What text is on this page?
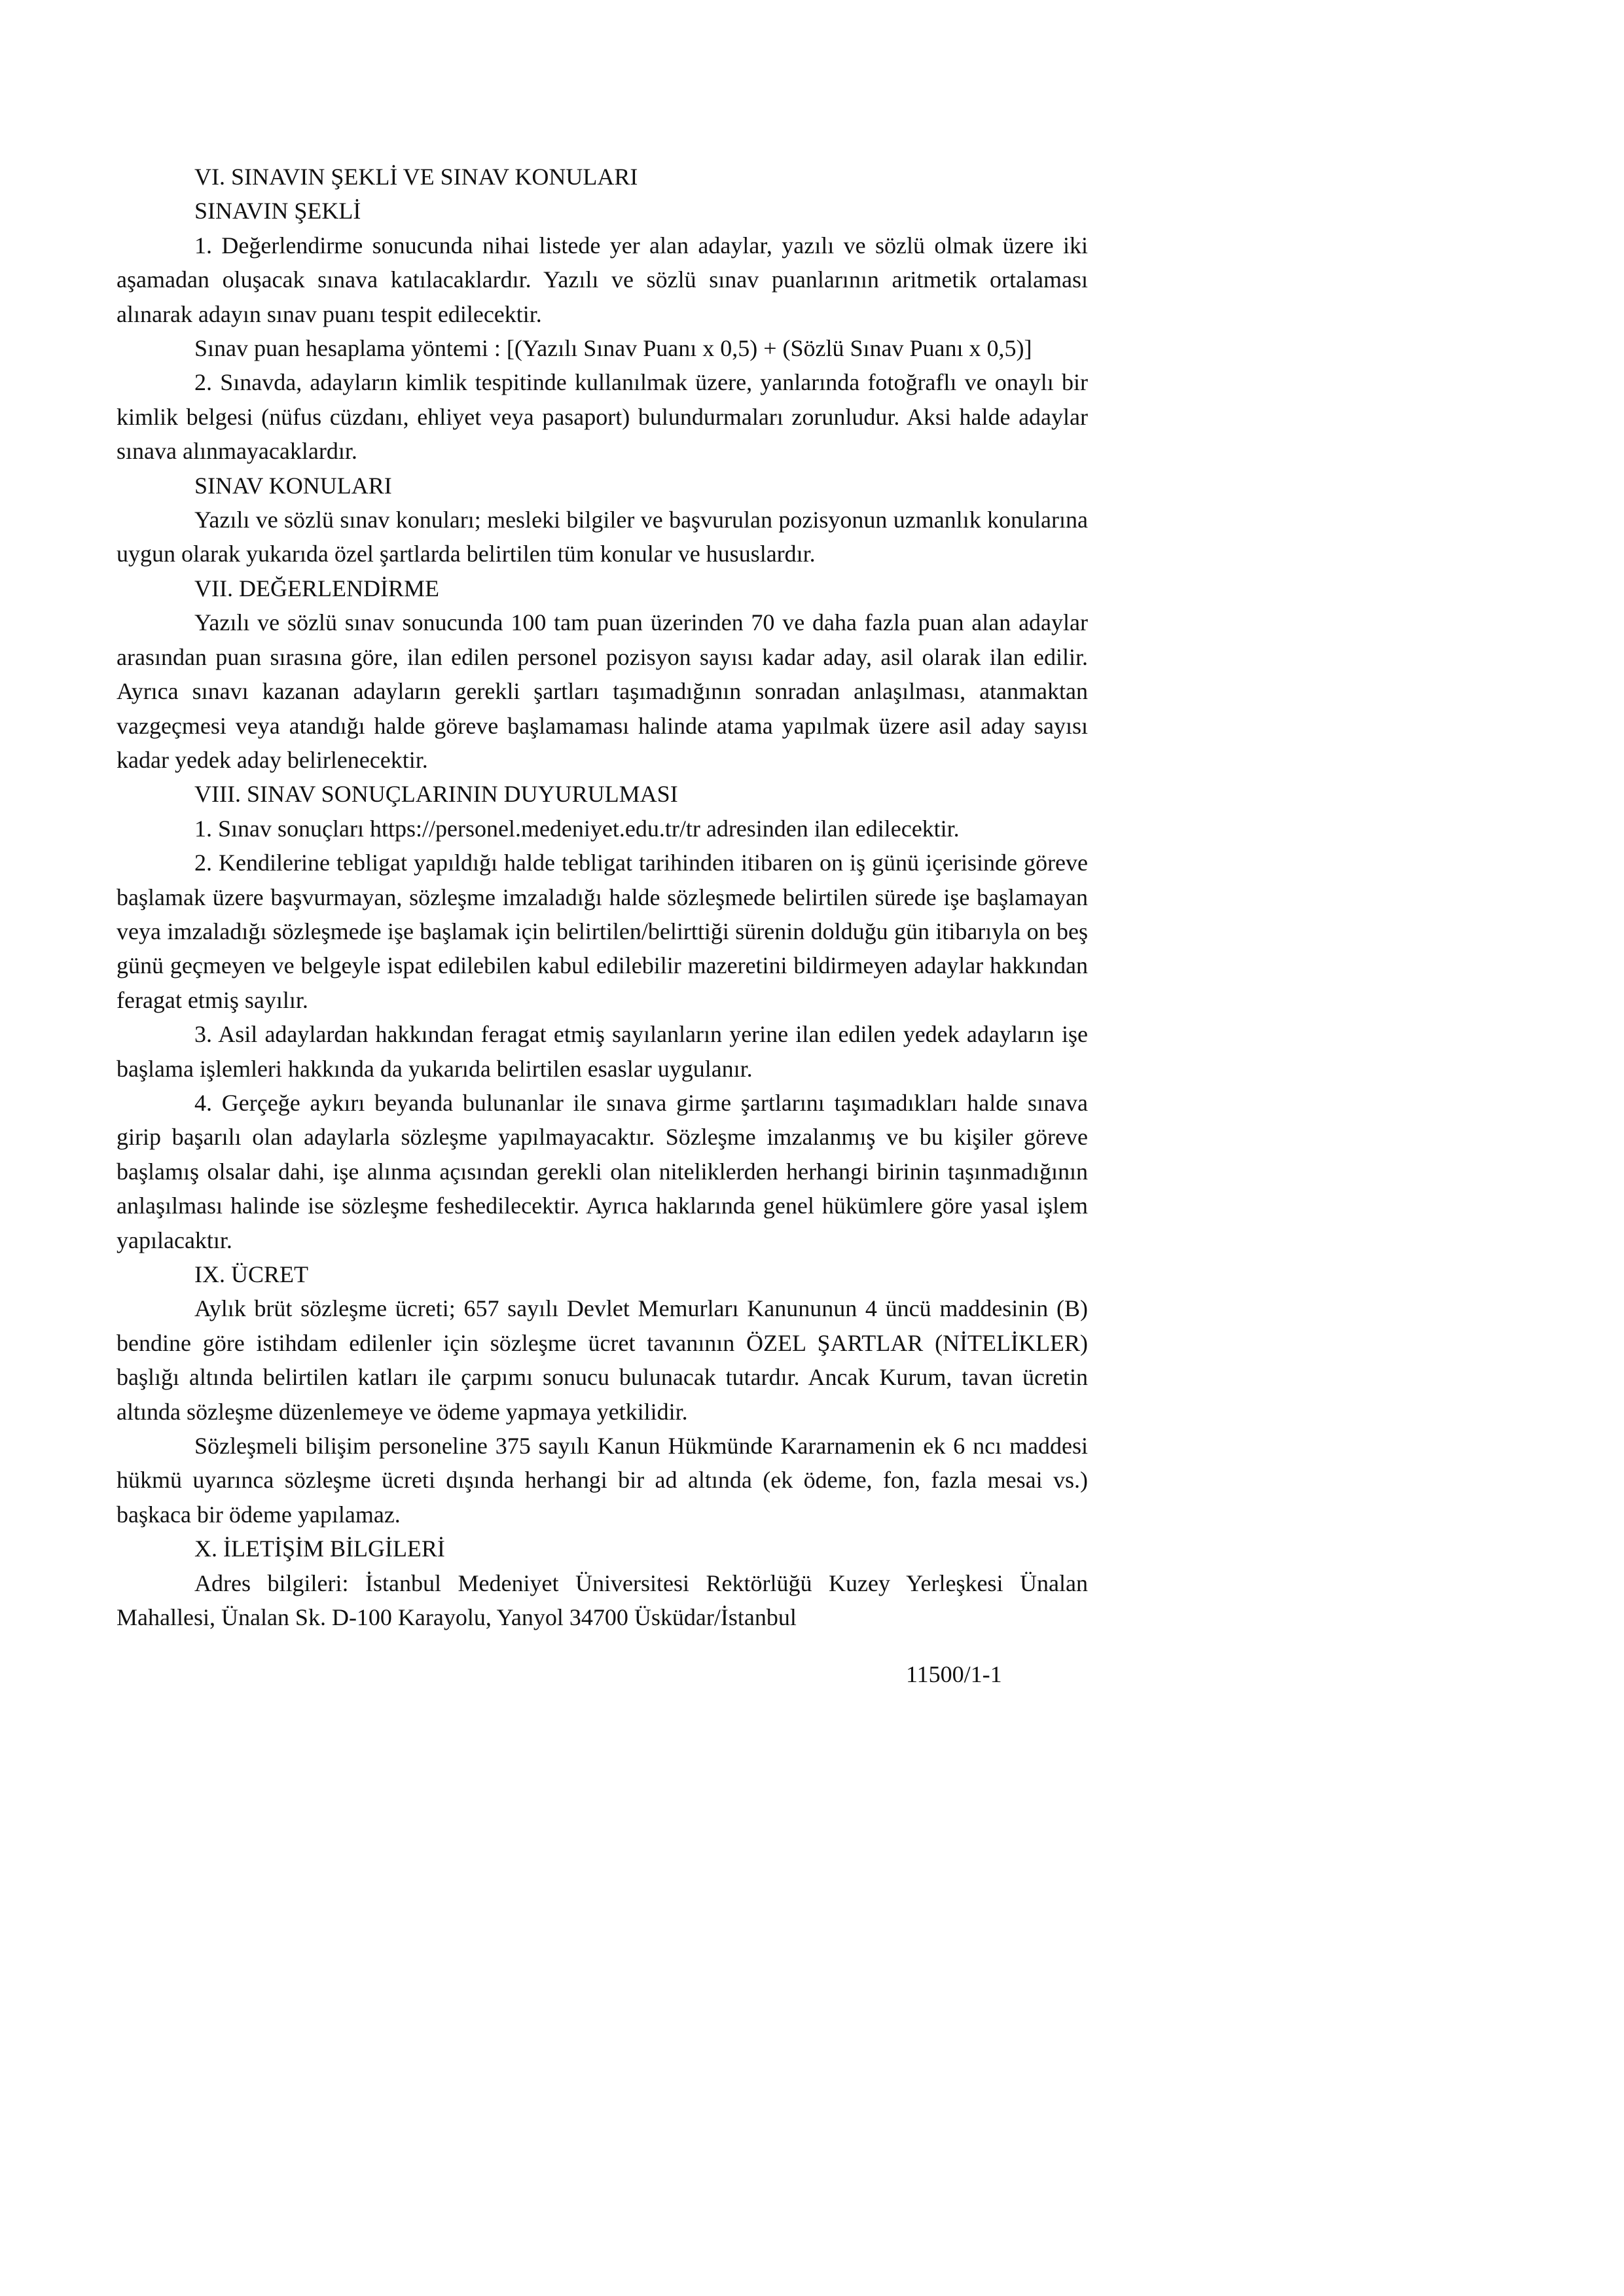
VI. SINAVIN ŞEKLİ VE SINAV KONULARI
SINAVIN ŞEKLİ

1. Değerlendirme sonucunda nihai listede yer alan adaylar, yazılı ve sözlü olmak üzere iki aşamadan oluşacak sınava katılacaklardır. Yazılı ve sözlü sınav puanlarının aritmetik ortalaması alınarak adayın sınav puanı tespit edilecektir.

Sınav puan hesaplama yöntemi : [(Yazılı Sınav Puanı x 0,5) + (Sözlü Sınav Puanı x 0,5)]

2. Sınavda, adayların kimlik tespitinde kullanılmak üzere, yanlarında fotoğraflı ve onaylı bir kimlik belgesi (nüfus cüzdanı, ehliyet veya pasaport) bulundurmaları zorunludur. Aksi halde adaylar sınava alınmayacaklardır.

SINAV KONULARI

Yazılı ve sözlü sınav konuları; mesleki bilgiler ve başvurulan pozisyonun uzmanlık konularına uygun olarak yukarıda özel şartlarda belirtilen tüm konular ve hususlardır.

VII. DEĞERLENDİRME

Yazılı ve sözlü sınav sonucunda 100 tam puan üzerinden 70 ve daha fazla puan alan adaylar arasından puan sırasına göre, ilan edilen personel pozisyon sayısı kadar aday, asil olarak ilan edilir. Ayrıca sınavı kazanan adayların gerekli şartları taşımadığının sonradan anlaşılması, atanmaktan vazgeçmesi veya atandığı halde göreve başlamaması halinde atama yapılmak üzere asil aday sayısı kadar yedek aday belirlenecektir.

VIII. SINAV SONUÇLARININ DUYURULMASI

1. Sınav sonuçları https://personel.medeniyet.edu.tr/tr adresinden ilan edilecektir.

2. Kendilerine tebligat yapıldığı halde tebligat tarihinden itibaren on iş günü içerisinde göreve başlamak üzere başvurmayan, sözleşme imzaladığı halde sözleşmede belirtilen sürede işe başlamayan veya imzaladığı sözleşmede işe başlamak için belirtilen/belirttiği sürenin dolduğu gün itibarıyla on beş günü geçmeyen ve belgeyle ispat edilebilen kabul edilebilir mazeretini bildirmeyen adaylar hakkından feragat etmiş sayılır.

3. Asil adaylardan hakkından feragat etmiş sayılanların yerine ilan edilen yedek adayların işe başlama işlemleri hakkında da yukarıda belirtilen esaslar uygulanır.

4. Gerçeğe aykırı beyanda bulunanlar ile sınava girme şartlarını taşımadıkları halde sınava girip başarılı olan adaylarla sözleşme yapılmayacaktır. Sözleşme imzalanmış ve bu kişiler göreve başlamış olsalar dahi, işe alınma açısından gerekli olan niteliklerden herhangi birinin taşınmadığının anlaşılması halinde ise sözleşme feshedilecektir. Ayrıca haklarında genel hükümlere göre yasal işlem yapılacaktır.

IX. ÜCRET

Aylık brüt sözleşme ücreti; 657 sayılı Devlet Memurları Kanununun 4 üncü maddesinin (B) bendine göre istihdam edilenler için sözleşme ücret tavanının ÖZEL ŞARTLAR (NİTELİKLER) başlığı altında belirtilen katları ile çarpımı sonucu bulunacak tutardır. Ancak Kurum, tavan ücretin altında sözleşme düzenlemeye ve ödeme yapmaya yetkilidir.

Sözleşmeli bilişim personeline 375 sayılı Kanun Hükmünde Kararnamenin ek 6 ncı maddesi hükmü uyarınca sözleşme ücreti dışında herhangi bir ad altında (ek ödeme, fon, fazla mesai vs.) başkaca bir ödeme yapılamaz.

X. İLETİŞİM BİLGİLERİ

Adres bilgileri: İstanbul Medeniyet Üniversitesi Rektörlüğü Kuzey Yerleşkesi Ünalan Mahallesi, Ünalan Sk. D-100 Karayolu, Yanyol 34700 Üsküdar/İstanbul

11500/1-1
